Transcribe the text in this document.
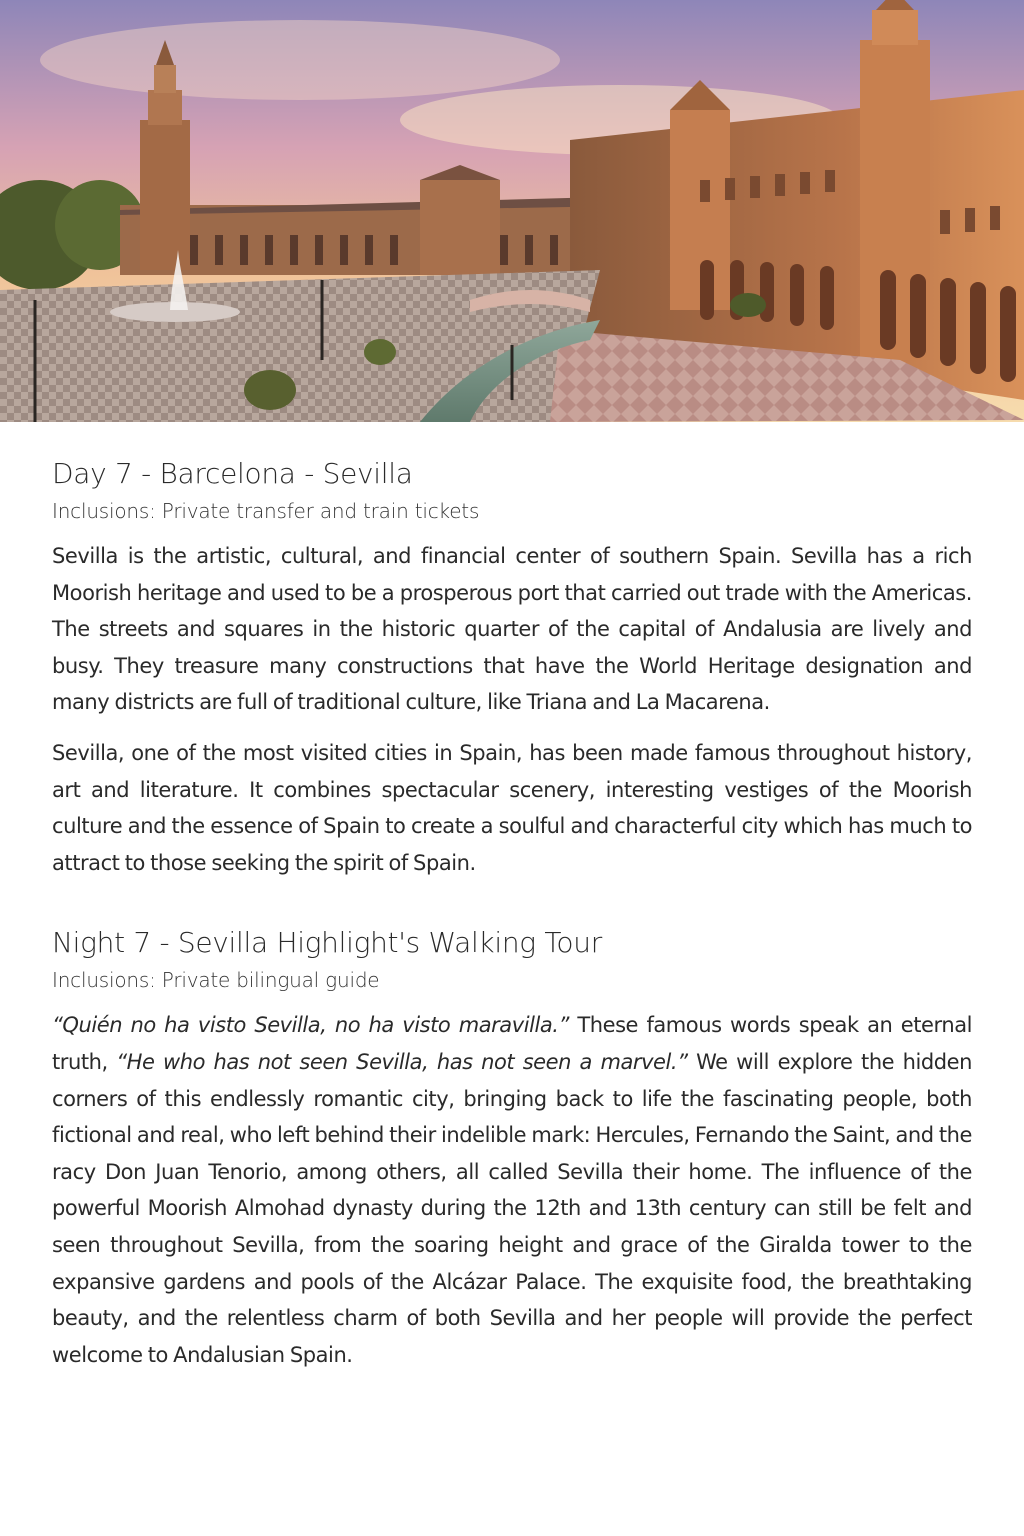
Day 7 - Barcelona - Sevilla

Inclusions: Private transfer and train tickets

Sevilla is the artistic, cultural, and financial center of southern Spain. Sevilla has a rich Moorish heritage and used to be a prosperous port that carried out trade with the Americas. The streets and squares in the historic quarter of the capital of Andalusia are lively and busy. They treasure many constructions that have the World Heritage designation and many districts are full of traditional culture, like Triana and La Macarena.

Sevilla, one of the most visited cities in Spain, has been made famous throughout history, art and literature. It combines spectacular scenery, interesting vestiges of the Moorish culture and the essence of Spain to create a soulful and characterful city which has much to attract to those seeking the spirit of Spain.

Night 7 - Sevilla Highlight's Walking Tour

Inclusions: Private bilingual guide

“Quién no ha visto Sevilla, no ha visto maravilla.” These famous words speak an eternal truth, “He who has not seen Sevilla, has not seen a marvel.” We will explore the hidden corners of this endlessly romantic city, bringing back to life the fascinating people, both fictional and real, who left behind their indelible mark: Hercules, Fernando the Saint, and the racy Don Juan Tenorio, among others, all called Sevilla their home. The influence of the powerful Moorish Almohad dynasty during the 12th and 13th century can still be felt and seen throughout Sevilla, from the soaring height and grace of the Giralda tower to the expansive gardens and pools of the Alcázar Palace. The exquisite food, the breathtaking beauty, and the relentless charm of both Sevilla and her people will provide the perfect welcome to Andalusian Spain.
